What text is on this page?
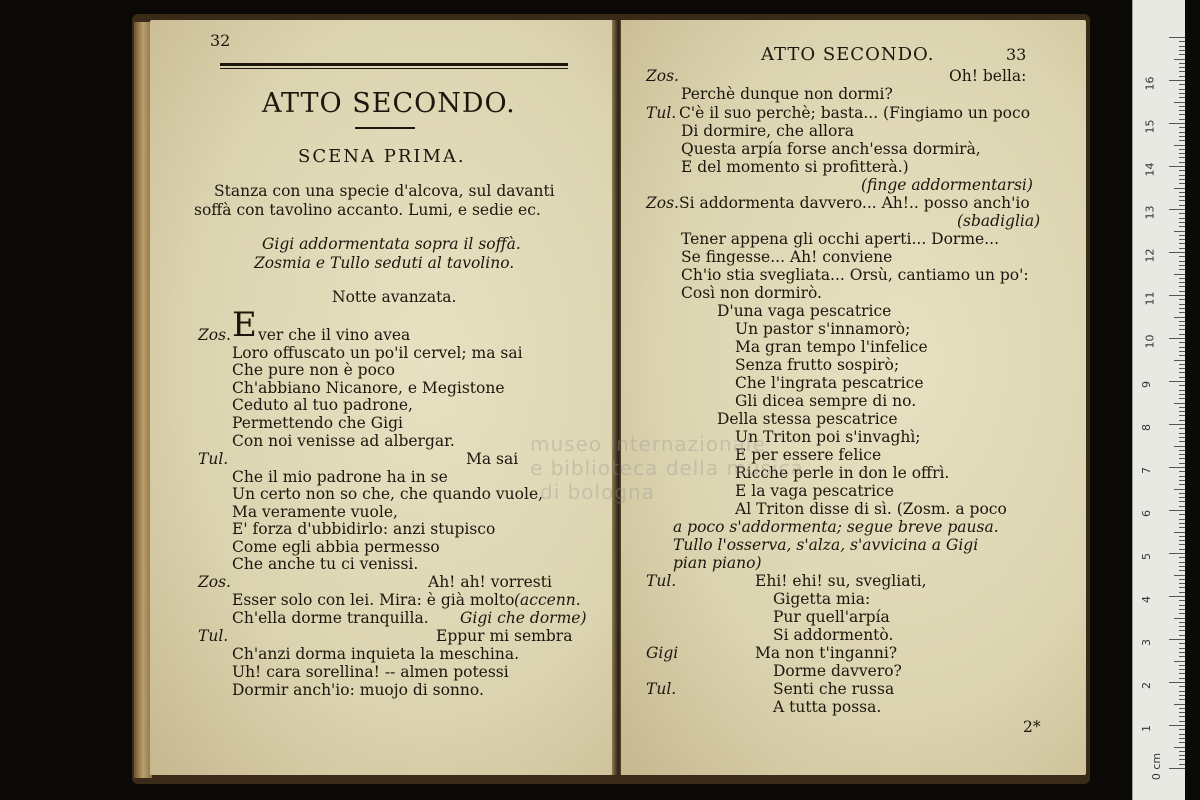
32
ATTO SECONDO.
SCENA PRIMA.
Stanza con una specie d'alcova, sul davanti
soffà con tavolino accanto. Lumi, e sedie ec.
Gigi addormentata sopra il soffà.
Zosmia e Tullo seduti al tavolino.
Notte avanzata.
Zos. E ver che il vino avea
Loro offuscato un po'il cervel; ma sai
Che pure non è poco
Ch'abbiano Nicanore, e Megistone
Ceduto al tuo padrone,
Permettendo che Gigi
Con noi venisse ad albergar.
Tul.	Ma sai
Che il mio padrone ha in se
Un certo non so che, che quando vuole,
Ma veramente vuole,
E' forza d'ubbidirlo: anzi stupisco
Come egli abbia permesso
Che anche tu ci venissi.
Zos.	Ah! ah! vorresti
Esser solo con lei. Mira: è già molto (accenn.
Ch'ella dorme tranquilla. Gigi che dorme)
Tul.	Eppur mi sembra
Ch'anzi dorma inquieta la meschina.
Uh! cara sorellina! -- almen potessi
Dormir anch'io: muojo di sonno.
ATTO SECONDO.	33
Zos.	Oh! bella:
Perchè dunque non dormi?
Tul. C'è il suo perchè; basta... (Fingiamo un poco
Di dormire, che allora
Questa arpía forse anch'essa dormirà,
E del momento si profitterà.)
(finge addormentarsi)
Zos. Si addormenta davvero... Ah!.. posso anch'io
(sbadiglia)
Tener appena gli occhi aperti... Dorme...
Se fingesse... Ah! conviene
Ch'io stia svegliata... Orsù, cantiamo un po':
Così non dormirò.
D'una vaga pescatrice
Un pastor s'innamorò;
Ma gran tempo l'infelice
Senza frutto sospirò;
Che l'ingrata pescatrice
Gli dicea sempre di no.
Della stessa pescatrice
Un Triton poi s'invaghì;
E per essere felice
Ricche perle in don le offrì.
E la vaga pescatrice
Al Triton disse di sì. (Zosm. a poco
a poco s'addormenta; segue breve pausa.
Tullo l'osserva, s'alza, s'avvicina a Gigi
pian piano)
Tul.	Ehi! ehi! su, svegliati,
Gigetta mia:
Pur quell'arpía
Si addormentò.
Gigi	Ma non t'inganni?
Dorme davvero?
Tul.	Senti che russa
A tutta possa.
2*
museo internazionale
e biblioteca della musica
di bologna
0 cm
1
2
3
4
5
6
7
8
9
10
11
12
13
14
15
16
